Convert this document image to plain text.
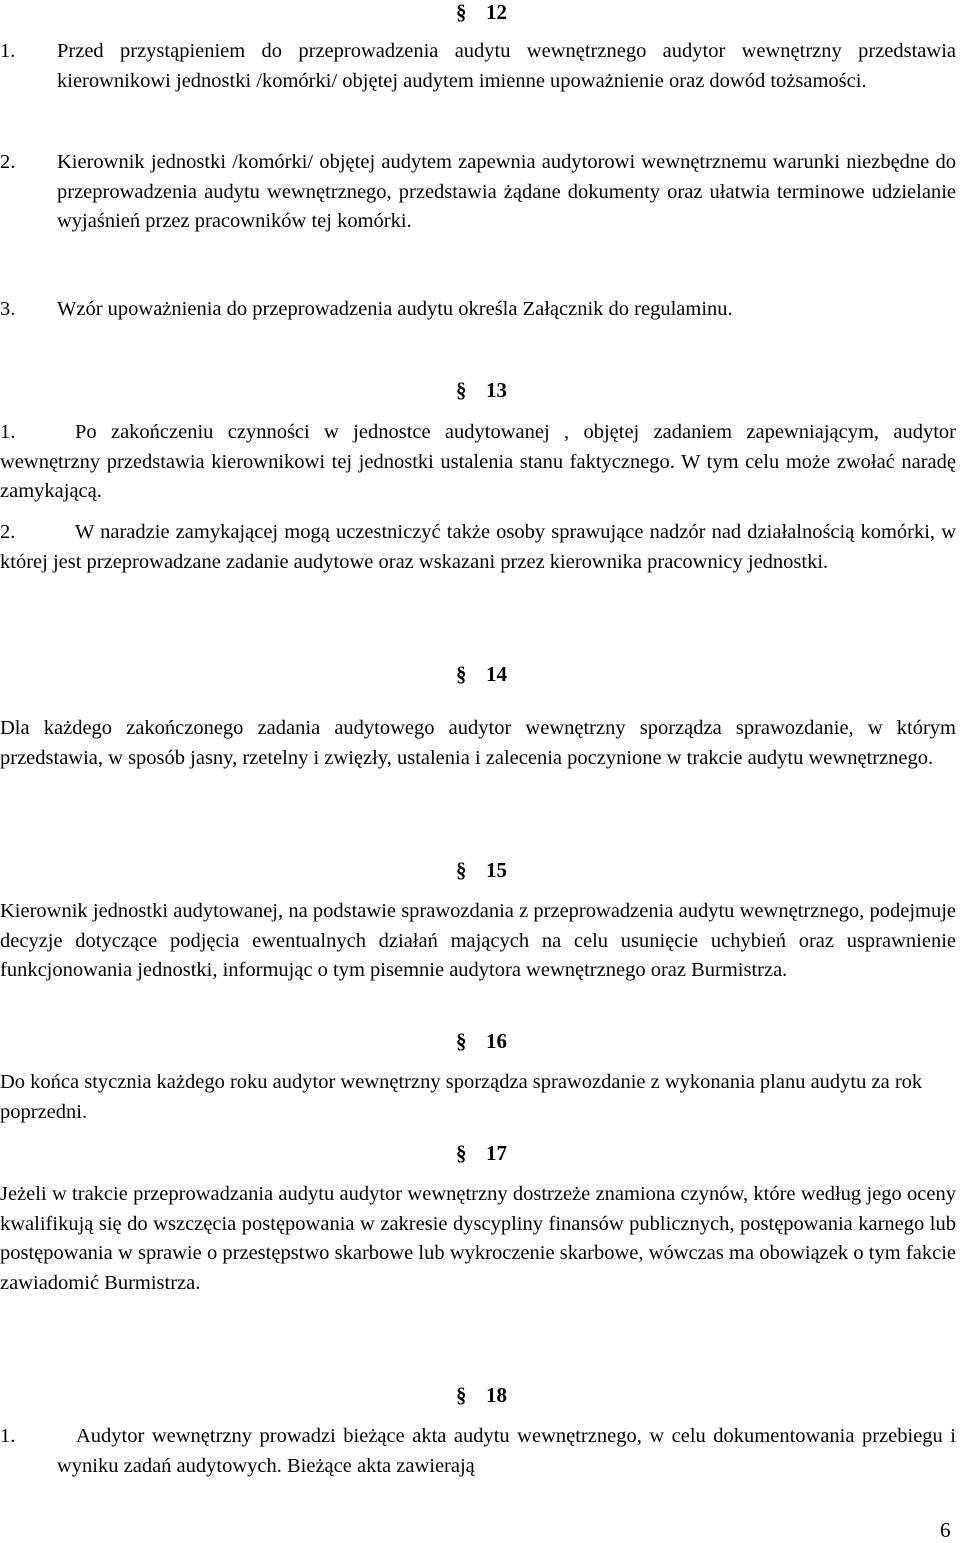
§ 12
1. Przed przystąpieniem do przeprowadzenia audytu wewnętrznego audytor wewnętrzny przedstawia kierownikowi jednostki /komórki/ objętej audytem imienne upoważnienie oraz dowód tożsamości.
2. Kierownik jednostki /komórki/ objętej audytem zapewnia audytorowi wewnętrznemu warunki niezbędne do przeprowadzenia audytu wewnętrznego, przedstawia żądane dokumenty oraz ułatwia terminowe udzielanie wyjaśnień przez pracowników tej komórki.
3. Wzór upoważnienia do przeprowadzenia audytu określa Załącznik do regulaminu.
§ 13
1.	Po zakończeniu czynności w jednostce audytowanej , objętej zadaniem zapewniającym, audytor wewnętrzny przedstawia kierownikowi tej jednostki ustalenia stanu faktycznego. W tym celu może zwołać naradę zamykającą.
2.	W naradzie zamykającej mogą uczestniczyć także osoby sprawujące nadzór nad działalnością komórki, w której jest przeprowadzane zadanie audytowe oraz wskazani przez kierownika pracownicy jednostki.
§ 14
Dla każdego zakończonego zadania audytowego audytor wewnętrzny sporządza sprawozdanie, w którym przedstawia, w sposób jasny, rzetelny i zwięzły, ustalenia i zalecenia poczynione w trakcie audytu wewnętrznego.
§ 15
Kierownik jednostki audytowanej, na podstawie sprawozdania z przeprowadzenia audytu wewnętrznego, podejmuje decyzje dotyczące podjęcia ewentualnych działań mających na celu usunięcie uchybień oraz usprawnienie funkcjonowania jednostki, informując o tym pisemnie audytora wewnętrznego oraz Burmistrza.
§ 16
Do końca stycznia każdego roku audytor wewnętrzny sporządza sprawozdanie z wykonania planu audytu za rok poprzedni.
§ 17
Jeżeli w trakcie przeprowadzania audytu audytor wewnętrzny dostrzeże znamiona czynów, które według jego oceny kwalifikują się do wszczęcia postępowania w zakresie dyscypliny finansów publicznych, postępowania karnego lub postępowania w sprawie o przestępstwo skarbowe lub wykroczenie skarbowe, wówczas ma obowiązek o tym fakcie zawiadomić Burmistrza.
§ 18
1.	Audytor wewnętrzny prowadzi bieżące akta audytu wewnętrznego, w celu dokumentowania przebiegu i wyniku zadań audytowych. Bieżące akta zawierają
6
